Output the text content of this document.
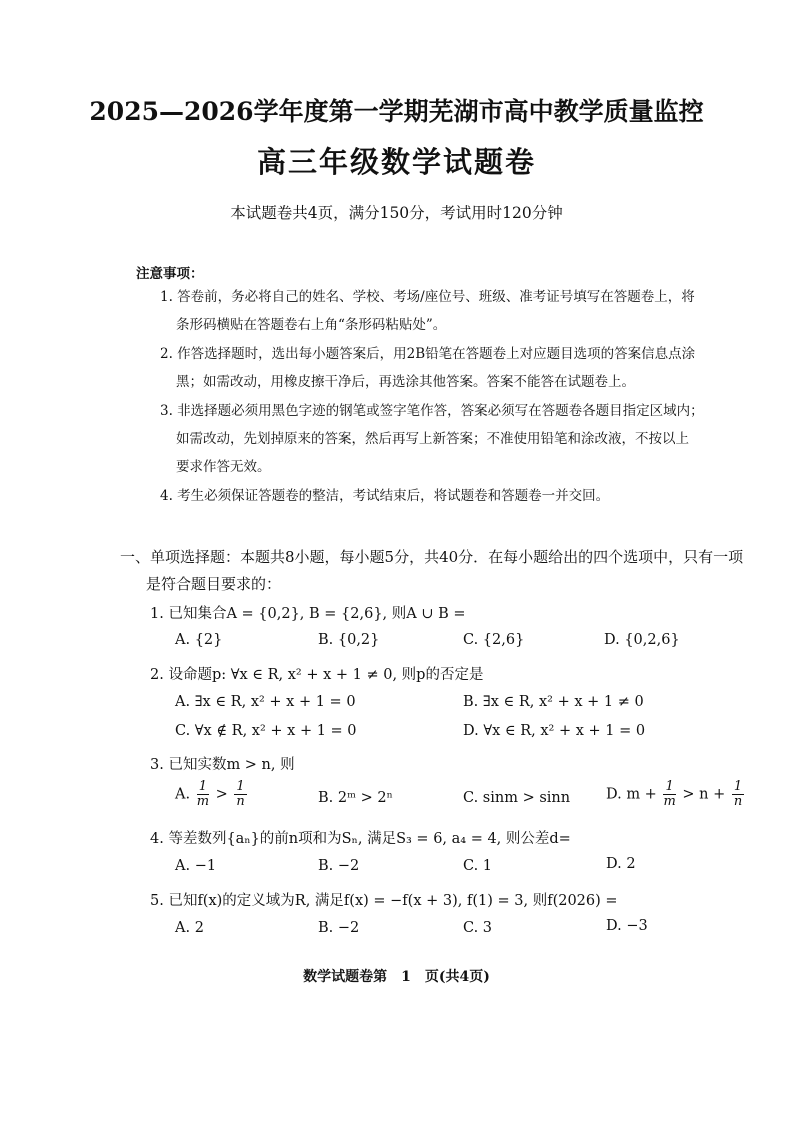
2025—2026学年度第一学期芜湖市高中教学质量监控
高三年级数学试题卷
本试题卷共4页，满分150分，考试用时120分钟
注意事项：
1. 答卷前，务必将自己的姓名、学校、考场/座位号、班级、准考证号填写在答题卷上，将
条形码横贴在答题卷右上角“条形码粘贴处”。
2. 作答选择题时，选出每小题答案后，用2B铅笔在答题卷上对应题目选项的答案信息点涂
黑；如需改动，用橡皮擦干净后，再选涂其他答案。答案不能答在试题卷上。
3. 非选择题必须用黑色字迹的钢笔或签字笔作答，答案必须写在答题卷各题目指定区域内；
如需改动，先划掉原来的答案，然后再写上新答案；不准使用铅笔和涂改液，不按以上
要求作答无效。
4. 考生必须保证答题卷的整洁，考试结束后，将试题卷和答题卷一并交回。
一、单项选择题：本题共8小题，每小题5分，共40分．在每小题给出的四个选项中，只有一项
是符合题目要求的：
1. 已知集合A = {0,2}, B = {2,6}, 则A ∪ B =
A. {2}	B. {0,2}	C. {2,6}	D. {0,2,6}
2. 设命题p: ∀x ∈ R, x² + x + 1 ≠ 0, 则p的否定是
A. ∃x ∈ R, x² + x + 1 = 0	B. ∃x ∈ R, x² + x + 1 ≠ 0
C. ∀x ∉ R, x² + x + 1 = 0	D. ∀x ∈ R, x² + x + 1 = 0
3. 已知实数m > n, 则
A. $\frac{1}{m} > \frac{1}{n}$	B. 2ᵐ > 2ⁿ	C. sinm > sinn D. $m + \frac{1}{m} > n + \frac{1}{n}$
4. 等差数列{aₙ}的前n项和为Sₙ, 满足S₃ = 6, a₄ = 4, 则公差d=
A. −1	B. −2	C. 1	D. 2
5. 已知f(x)的定义域为R, 满足f(x) = −f(x + 3), f(1) = 3, 则f(2026) =
A. 2	B. −2	C. 3	D. −3
数学试题卷第　1　页(共4页)
